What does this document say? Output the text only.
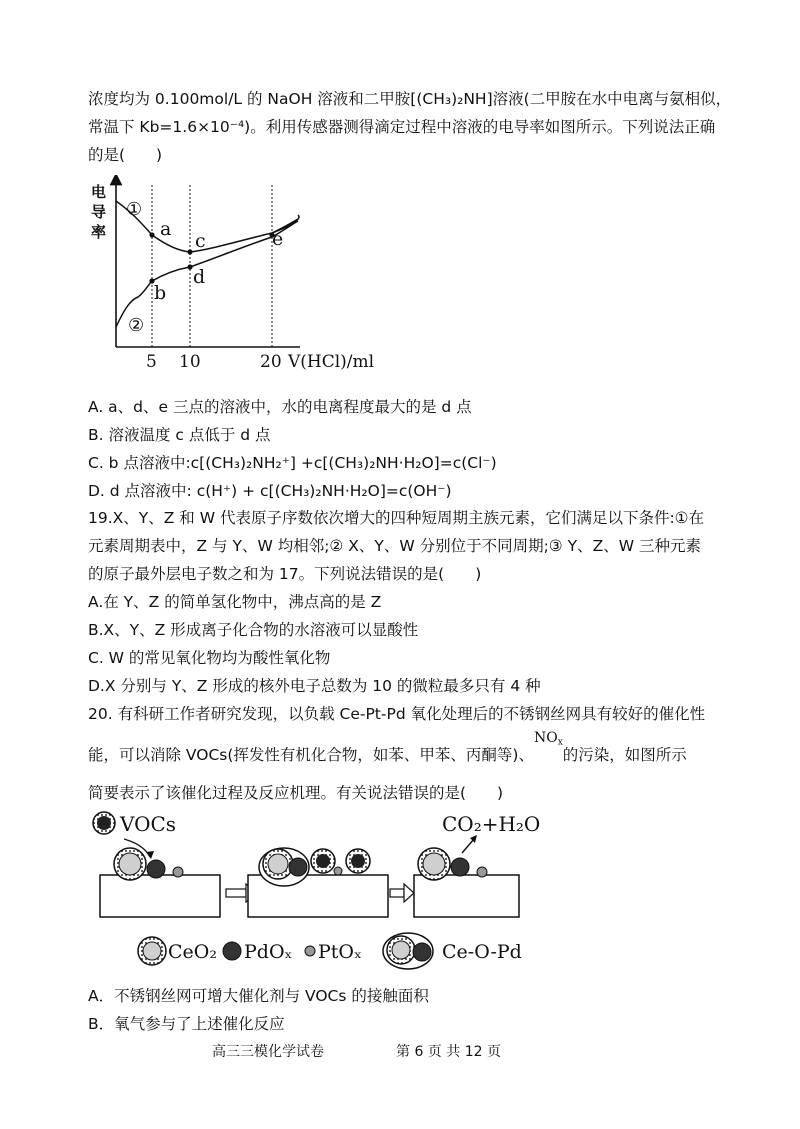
浓度均为 0.100mol/L 的 NaOH 溶液和二甲胺[(CH₃)₂NH]溶液(二甲胺在水中电离与氨相似，
常温下 Kb=1.6×10⁻⁴)。利用传感器测得滴定过程中溶液的电导率如图所示。下列说法正确
的是(　　)
电
导
率
①
②
a
b
c
d
e
5 10	20 V(HCl)/ml
A. a、d、e 三点的溶液中，水的电离程度最大的是 d 点
B. 溶液温度 c 点低于 d 点
C. b 点溶液中:c[(CH₃)₂NH₂⁺] +c[(CH₃)₂NH·H₂O]=c(Cl⁻)
D. d 点溶液中: c(H⁺) + c[(CH₃)₂NH·H₂O]=c(OH⁻)
19.X、Y、Z 和 W 代表原子序数依次增大的四种短周期主族元素，它们满足以下条件:①在
元素周期表中，Z 与 Y、W 均相邻;② X、Y、W 分别位于不同周期;③ Y、Z、W 三种元素
的原子最外层电子数之和为 17。下列说法错误的是(　　)
A.在 Y、Z 的简单氢化物中，沸点高的是 Z
B.X、Y、Z 形成离子化合物的水溶液可以显酸性
C. W 的常见氧化物均为酸性氧化物
D.X 分别与 Y、Z 形成的核外电子总数为 10 的微粒最多只有 4 种
20. 有科研工作者研究发现，以负载 Ce-Pt-Pd 氧化处理后的不锈钢丝网具有较好的催化性
能，可以消除 VOCs(挥发性有机化合物，如苯、甲苯、丙酮等)、$NO_x$的污染，如图所示
简要表示了该催化过程及反应机理。有关说法错误的是(　　)
VOCs	CO₂+H₂O
CeO₂ PdOₓ PtOₓ	Ce-O-Pd
A．不锈钢丝网可增大催化剂与 VOCs 的接触面积
B．氧气参与了上述催化反应
高三三模化学试卷	第 6 页 共 12 页
